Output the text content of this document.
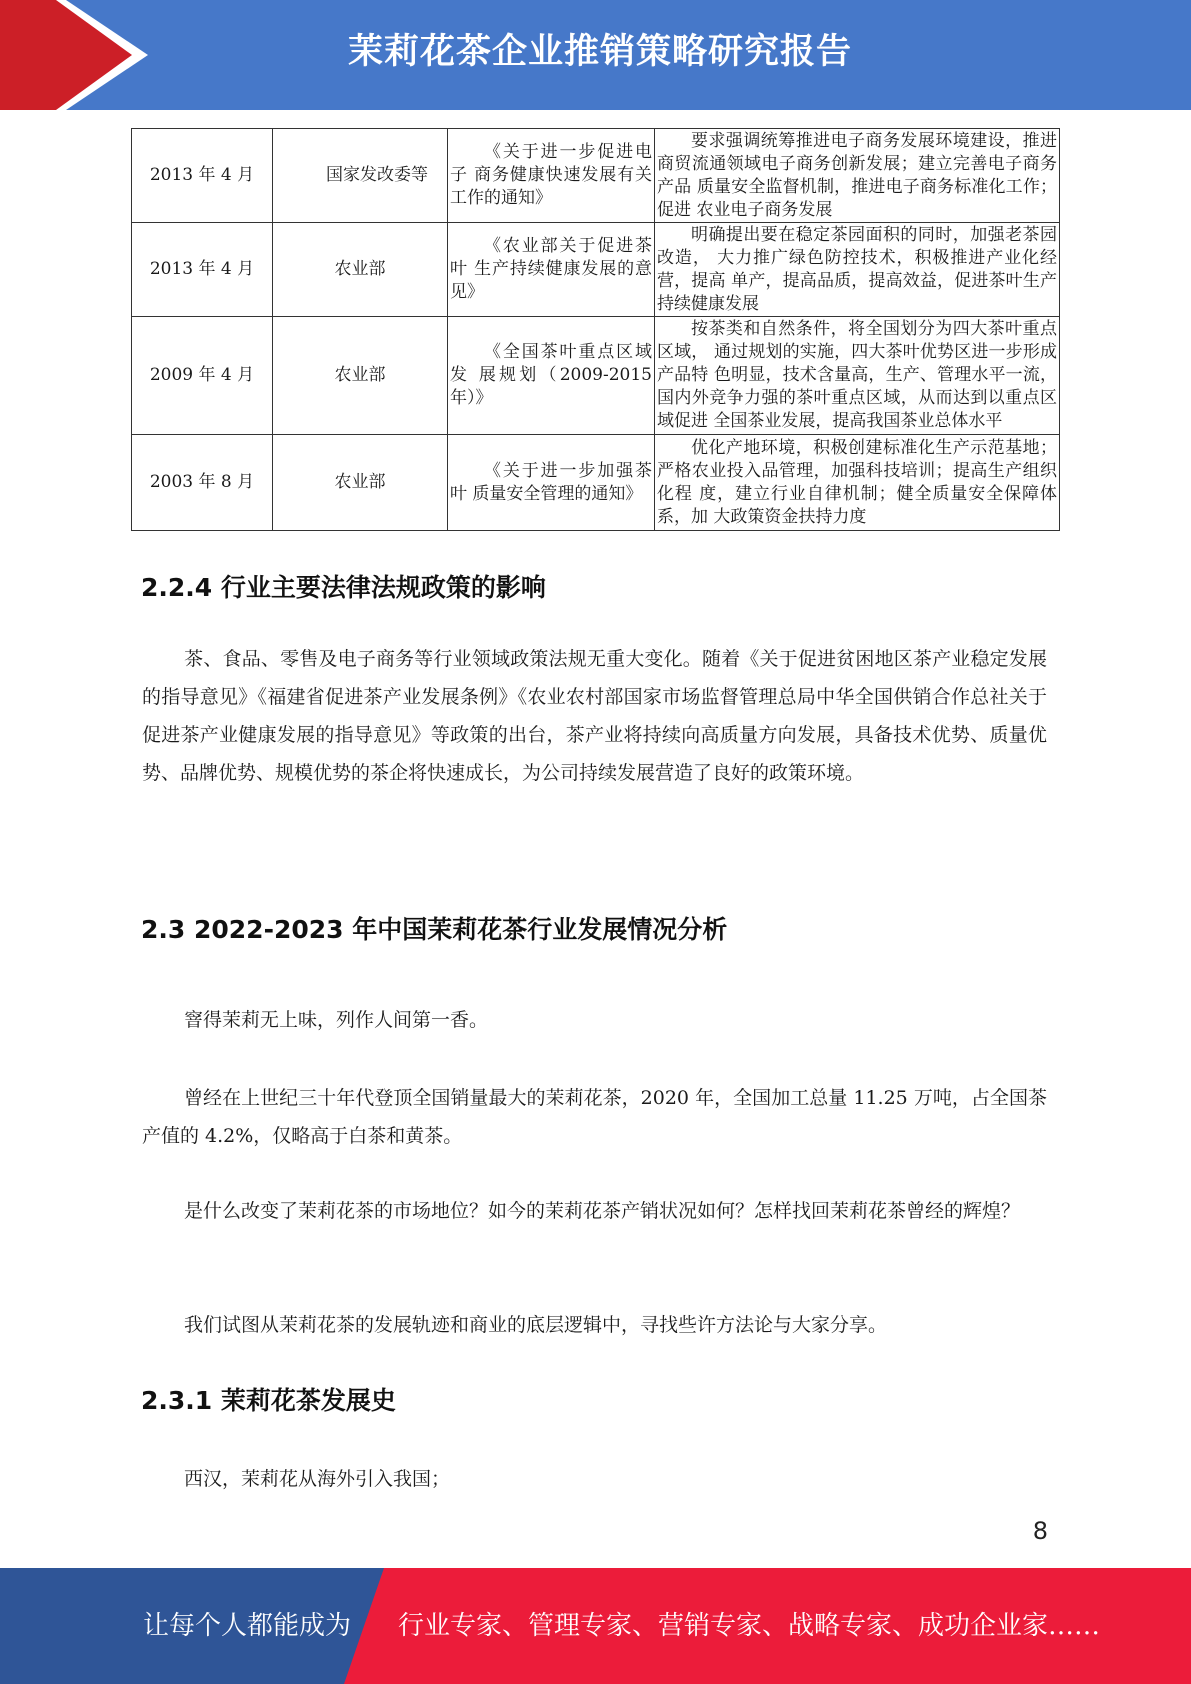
茉莉花茶企业推销策略研究报告
2013 年 4 月	国家发改委等	《关于进一步促进电子 商务健康快速发展有关 工作的通知》	要求强调统筹推进电子商务发展环境建设，推进商贸流通领域电子商务创新发展；建立完善电子商务产品 质量安全监督机制，推进电子商务标准化工作；促进 农业电子商务发展
2013 年 4 月	农业部	《农业部关于促进茶叶 生产持续健康发展的意 见》	明确提出要在稳定茶园面积的同时，加强老茶园改造， 大力推广绿色防控技术，积极推进产业化经营，提高 单产，提高品质，提高效益，促进茶叶生产持续健康发展
2009 年 4 月	农业部	《全国茶叶重点区域发 展规划（2009-2015 年）》	按茶类和自然条件，将全国划分为四大茶叶重点区域， 通过规划的实施，四大茶叶优势区进一步形成产品特 色明显，技术含量高，生产、管理水平一流，国内外竞争力强的茶叶重点区域，从而达到以重点区域促进 全国茶业发展，提高我国茶业总体水平
2003 年 8 月	农业部	《关于进一步加强茶叶 质量安全管理的通知》	优化产地环境，积极创建标准化生产示范基地；严格农业投入品管理，加强科技培训；提高生产组织化程 度，建立行业自律机制；健全质量安全保障体系，加 大政策资金扶持力度
2.2.4 行业主要法律法规政策的影响
茶、食品、零售及电子商务等行业领域政策法规无重大变化。随着《关于促进贫困地区茶产业稳定发展的指导意见》《福建省促进茶产业发展条例》《农业农村部国家市场监督管理总局中华全国供销合作总社关于促进茶产业健康发展的指导意见》等政策的出台，茶产业将持续向高质量方向发展，具备技术优势、质量优势、品牌优势、规模优势的茶企将快速成长，为公司持续发展营造了良好的政策环境。
2.3 2022-2023 年中国茉莉花茶行业发展情况分析
窨得茉莉无上味，列作人间第一香。
曾经在上世纪三十年代登顶全国销量最大的茉莉花茶，2020 年，全国加工总量 11.25 万吨，占全国茶产值的 4.2%，仅略高于白茶和黄茶。
是什么改变了茉莉花茶的市场地位？如今的茉莉花茶产销状况如何？怎样找回茉莉花茶曾经的辉煌？
我们试图从茉莉花茶的发展轨迹和商业的底层逻辑中，寻找些许方法论与大家分享。
2.3.1 茉莉花茶发展史
西汉，茉莉花从海外引入我国；
8
让每个人都能成为 行业专家、管理专家、营销专家、战略专家、成功企业家……
